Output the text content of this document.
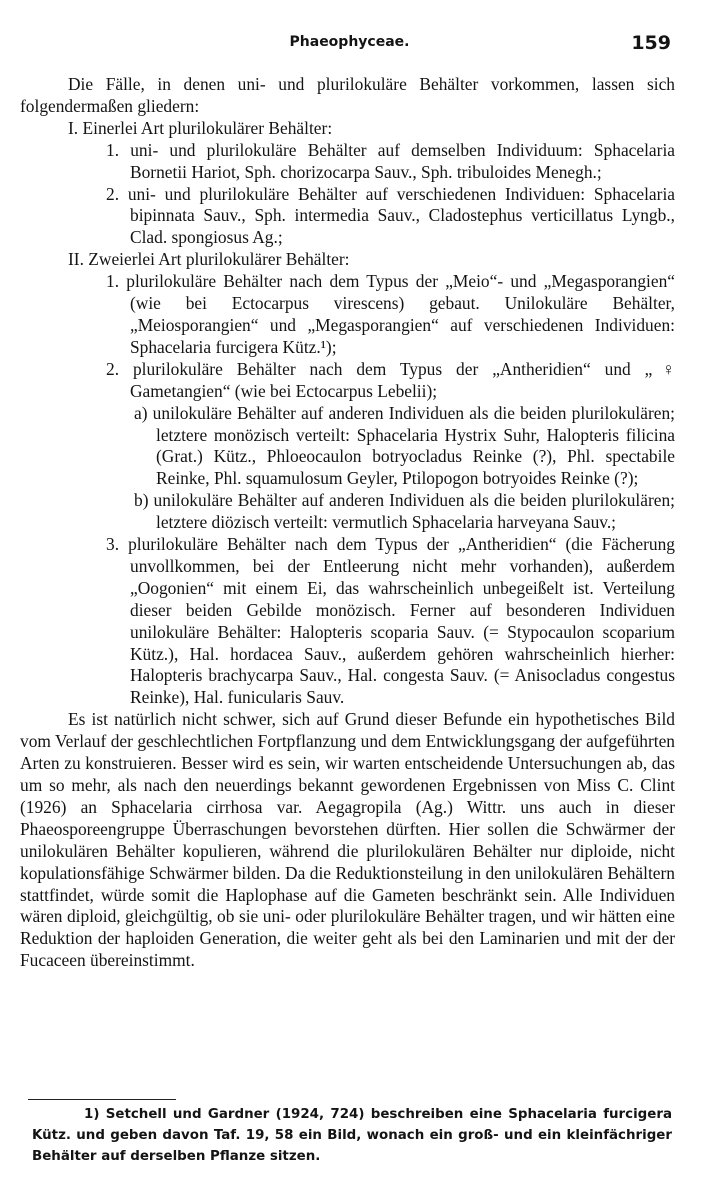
Phaeophyceae.	159

Die Fälle, in denen uni- und plurilokuläre Behälter vorkommen, lassen sich folgendermaßen gliedern:

I. Einerlei Art plurilokulärer Behälter:

1. uni- und plurilokuläre Behälter auf demselben Individuum: Sphacelaria Bornetii Hariot, Sph. chorizocarpa Sauv., Sph. tribuloides Menegh.;

2. uni- und plurilokuläre Behälter auf verschiedenen Individuen: Sphacelaria bipinnata Sauv., Sph. intermedia Sauv., Cladostephus verticillatus Lyngb., Clad. spongiosus Ag.;

II. Zweierlei Art plurilokulärer Behälter:

1. plurilokuläre Behälter nach dem Typus der „Meio“- und „Megasporangien“ (wie bei Ectocarpus virescens) gebaut. Unilokuläre Behälter, „Meiosporangien“ und „Megasporangien“ auf verschiedenen Individuen: Sphacelaria furcigera Kütz.¹);

2. plurilokuläre Behälter nach dem Typus der „Antheridien“ und „♀ Gametangien“ (wie bei Ectocarpus Lebelii);

a) unilokuläre Behälter auf anderen Individuen als die beiden plurilokulären; letztere monözisch verteilt: Sphacelaria Hystrix Suhr, Halopteris filicina (Grat.) Kütz., Phloeocaulon botryocladus Reinke (?), Phl. spectabile Reinke, Phl. squamulosum Geyler, Ptilopogon botryoides Reinke (?);

b) unilokuläre Behälter auf anderen Individuen als die beiden plurilokulären; letztere diözisch verteilt: vermutlich Sphacelaria harveyana Sauv.;

3. plurilokuläre Behälter nach dem Typus der „Antheridien“ (die Fächerung unvollkommen, bei der Entleerung nicht mehr vorhanden), außerdem „Oogonien“ mit einem Ei, das wahrscheinlich unbegeißelt ist. Verteilung dieser beiden Gebilde monözisch. Ferner auf besonderen Individuen unilokuläre Behälter: Halopteris scoparia Sauv. (= Stypocaulon scoparium Kütz.), Hal. hordacea Sauv., außerdem gehören wahrscheinlich hierher: Halopteris brachycarpa Sauv., Hal. congesta Sauv. (= Anisocladus congestus Reinke), Hal. funicularis Sauv.

Es ist natürlich nicht schwer, sich auf Grund dieser Befunde ein hypothetisches Bild vom Verlauf der geschlechtlichen Fortpflanzung und dem Entwicklungsgang der aufgeführten Arten zu konstruieren. Besser wird es sein, wir warten entscheidende Untersuchungen ab, das um so mehr, als nach den neuerdings bekannt gewordenen Ergebnissen von Miss C. Clint (1926) an Sphacelaria cirrhosa var. Aegagropila (Ag.) Wittr. uns auch in dieser Phaeosporeengruppe Überraschungen bevorstehen dürften. Hier sollen die Schwärmer der unilokulären Behälter kopulieren, während die plurilokulären Behälter nur diploide, nicht kopulationsfähige Schwärmer bilden. Da die Reduktionsteilung in den unilokulären Behältern stattfindet, würde somit die Haplophase auf die Gameten beschränkt sein. Alle Individuen wären diploid, gleichgültig, ob sie uni- oder plurilokuläre Behälter tragen, und wir hätten eine Reduktion der haploiden Generation, die weiter geht als bei den Laminarien und mit der der Fucaceen übereinstimmt.

1) Setchell und Gardner (1924, 724) beschreiben eine Sphacelaria furcigera Kütz. und geben davon Taf. 19, 58 ein Bild, wonach ein groß- und ein kleinfächriger Behälter auf derselben Pflanze sitzen.
